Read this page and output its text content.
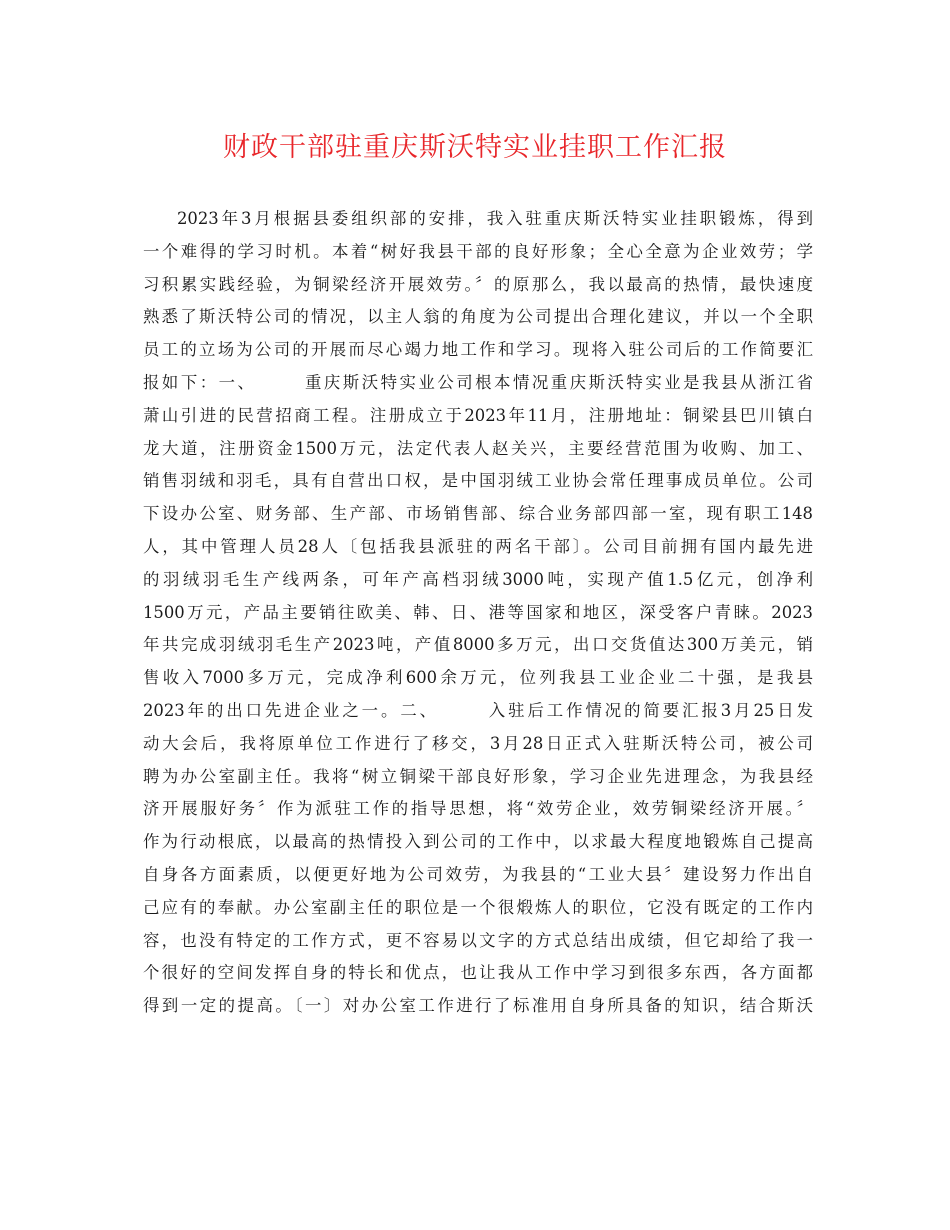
财政干部驻重庆斯沃特实业挂职工作汇报
2023年3月根据县委组织部的安排，我入驻重庆斯沃特实业挂职锻炼，得到
一个难得的学习时机。本着“树好我县干部的良好形象；全心全意为企业效劳；学
习积累实践经验，为铜梁经济开展效劳。〞的原那么，我以最高的热情，最快速度
熟悉了斯沃特公司的情况，以主人翁的角度为公司提出合理化建议，并以一个全职
员工的立场为公司的开展而尽心竭力地工作和学习。现将入驻公司后的工作简要汇
报如下：一、　　　重庆斯沃特实业公司根本情况重庆斯沃特实业是我县从浙江省
萧山引进的民营招商工程。注册成立于2023年11月，注册地址：铜梁县巴川镇白
龙大道，注册资金1500万元，法定代表人赵关兴，主要经营范围为收购、加工、
销售羽绒和羽毛，具有自营出口权，是中国羽绒工业协会常任理事成员单位。公司
下设办公室、财务部、生产部、市场销售部、综合业务部四部一室，现有职工148
人，其中管理人员28人〔包括我县派驻的两名干部〕。公司目前拥有国内最先进
的羽绒羽毛生产线两条，可年产高档羽绒3000吨，实现产值1.5亿元，创净利
1500万元，产品主要销往欧美、韩、日、港等国家和地区，深受客户青睐。2023
年共完成羽绒羽毛生产2023吨，产值8000多万元，出口交货值达300万美元，销
售收入7000多万元，完成净利600余万元，位列我县工业企业二十强，是我县
2023年的出口先进企业之一。二、　　　入驻后工作情况的简要汇报3月25日发
动大会后，我将原单位工作进行了移交，3月28日正式入驻斯沃特公司，被公司
聘为办公室副主任。我将“树立铜梁干部良好形象，学习企业先进理念，为我县经
济开展服好务〞作为派驻工作的指导思想，将“效劳企业，效劳铜梁经济开展。〞
作为行动根底，以最高的热情投入到公司的工作中，以求最大程度地锻炼自己提高
自身各方面素质，以便更好地为公司效劳，为我县的“工业大县〞建设努力作出自
己应有的奉献。办公室副主任的职位是一个很煅炼人的职位，它没有既定的工作内
容，也没有特定的工作方式，更不容易以文字的方式总结出成绩，但它却给了我一
个很好的空间发挥自身的特长和优点，也让我从工作中学习到很多东西，各方面都
得到一定的提高。〔一〕对办公室工作进行了标准用自身所具备的知识，结合斯沃
